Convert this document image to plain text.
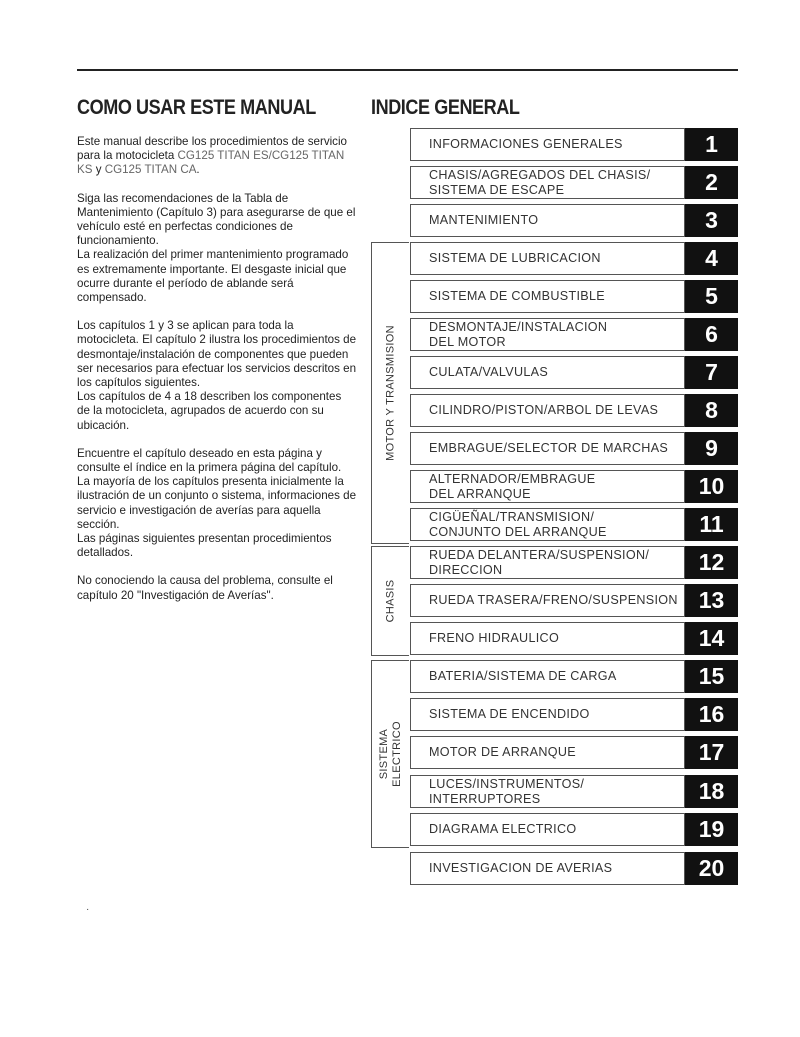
COMO USAR ESTE MANUAL	INDICE GENERAL

Este manual describe los procedimientos de servicio para la motocicleta CG125 TITAN ES/CG125 TITAN KS y CG125 TITAN CA.

Siga las recomendaciones de la Tabla de Mantenimiento (Capítulo 3) para asegurarse de que el vehículo esté en perfectas condiciones de funcionamiento.

La realización del primer mantenimiento programado es extremamente importante. El desgaste inicial que ocurre durante el período de ablande será compensado.

Los capítulos 1 y 3 se aplican para toda la motocicleta. El capítulo 2 ilustra los procedimientos de desmontaje/instalación de componentes que pueden ser necesarios para efectuar los servicios descritos en los capítulos siguientes.

Los capítulos de 4 a 18 describen los componentes de la motocicleta, agrupados de acuerdo con su ubicación.

Encuentre el capítulo deseado en esta página y consulte el índice en la primera página del capítulo.

La mayoría de los capítulos presenta inicialmente la ilustración de un conjunto o sistema, informaciones de servicio e investigación de averías para aquella sección.

Las páginas siguientes presentan procedimientos detallados.

No conociendo la causa del problema, consulte el capítulo 20 "Investigación de Averías".

·
MOTOR Y TRANSMISION
CHASIS
SISTEMA
ELECTRICO
INFORMACIONES GENERALES	1
CHASIS/AGREGADOS DEL CHASIS/
SISTEMA DE ESCAPE	2
MANTENIMIENTO	3
SISTEMA DE LUBRICACION	4
SISTEMA DE COMBUSTIBLE	5
DESMONTAJE/INSTALACION
DEL MOTOR	6
CULATA/VALVULAS	7
CILINDRO/PISTON/ARBOL DE LEVAS	8
EMBRAGUE/SELECTOR DE MARCHAS	9
ALTERNADOR/EMBRAGUE
DEL ARRANQUE	10
CIGÜEÑAL/TRANSMISION/
CONJUNTO DEL ARRANQUE	11
RUEDA DELANTERA/SUSPENSION/
DIRECCION	12
RUEDA TRASERA/FRENO/SUSPENSION 13
FRENO HIDRAULICO	14
BATERIA/SISTEMA DE CARGA	15
SISTEMA DE ENCENDIDO	16
MOTOR DE ARRANQUE	17
LUCES/INSTRUMENTOS/
INTERRUPTORES	18
DIAGRAMA ELECTRICO	19
INVESTIGACION DE AVERIAS	20
